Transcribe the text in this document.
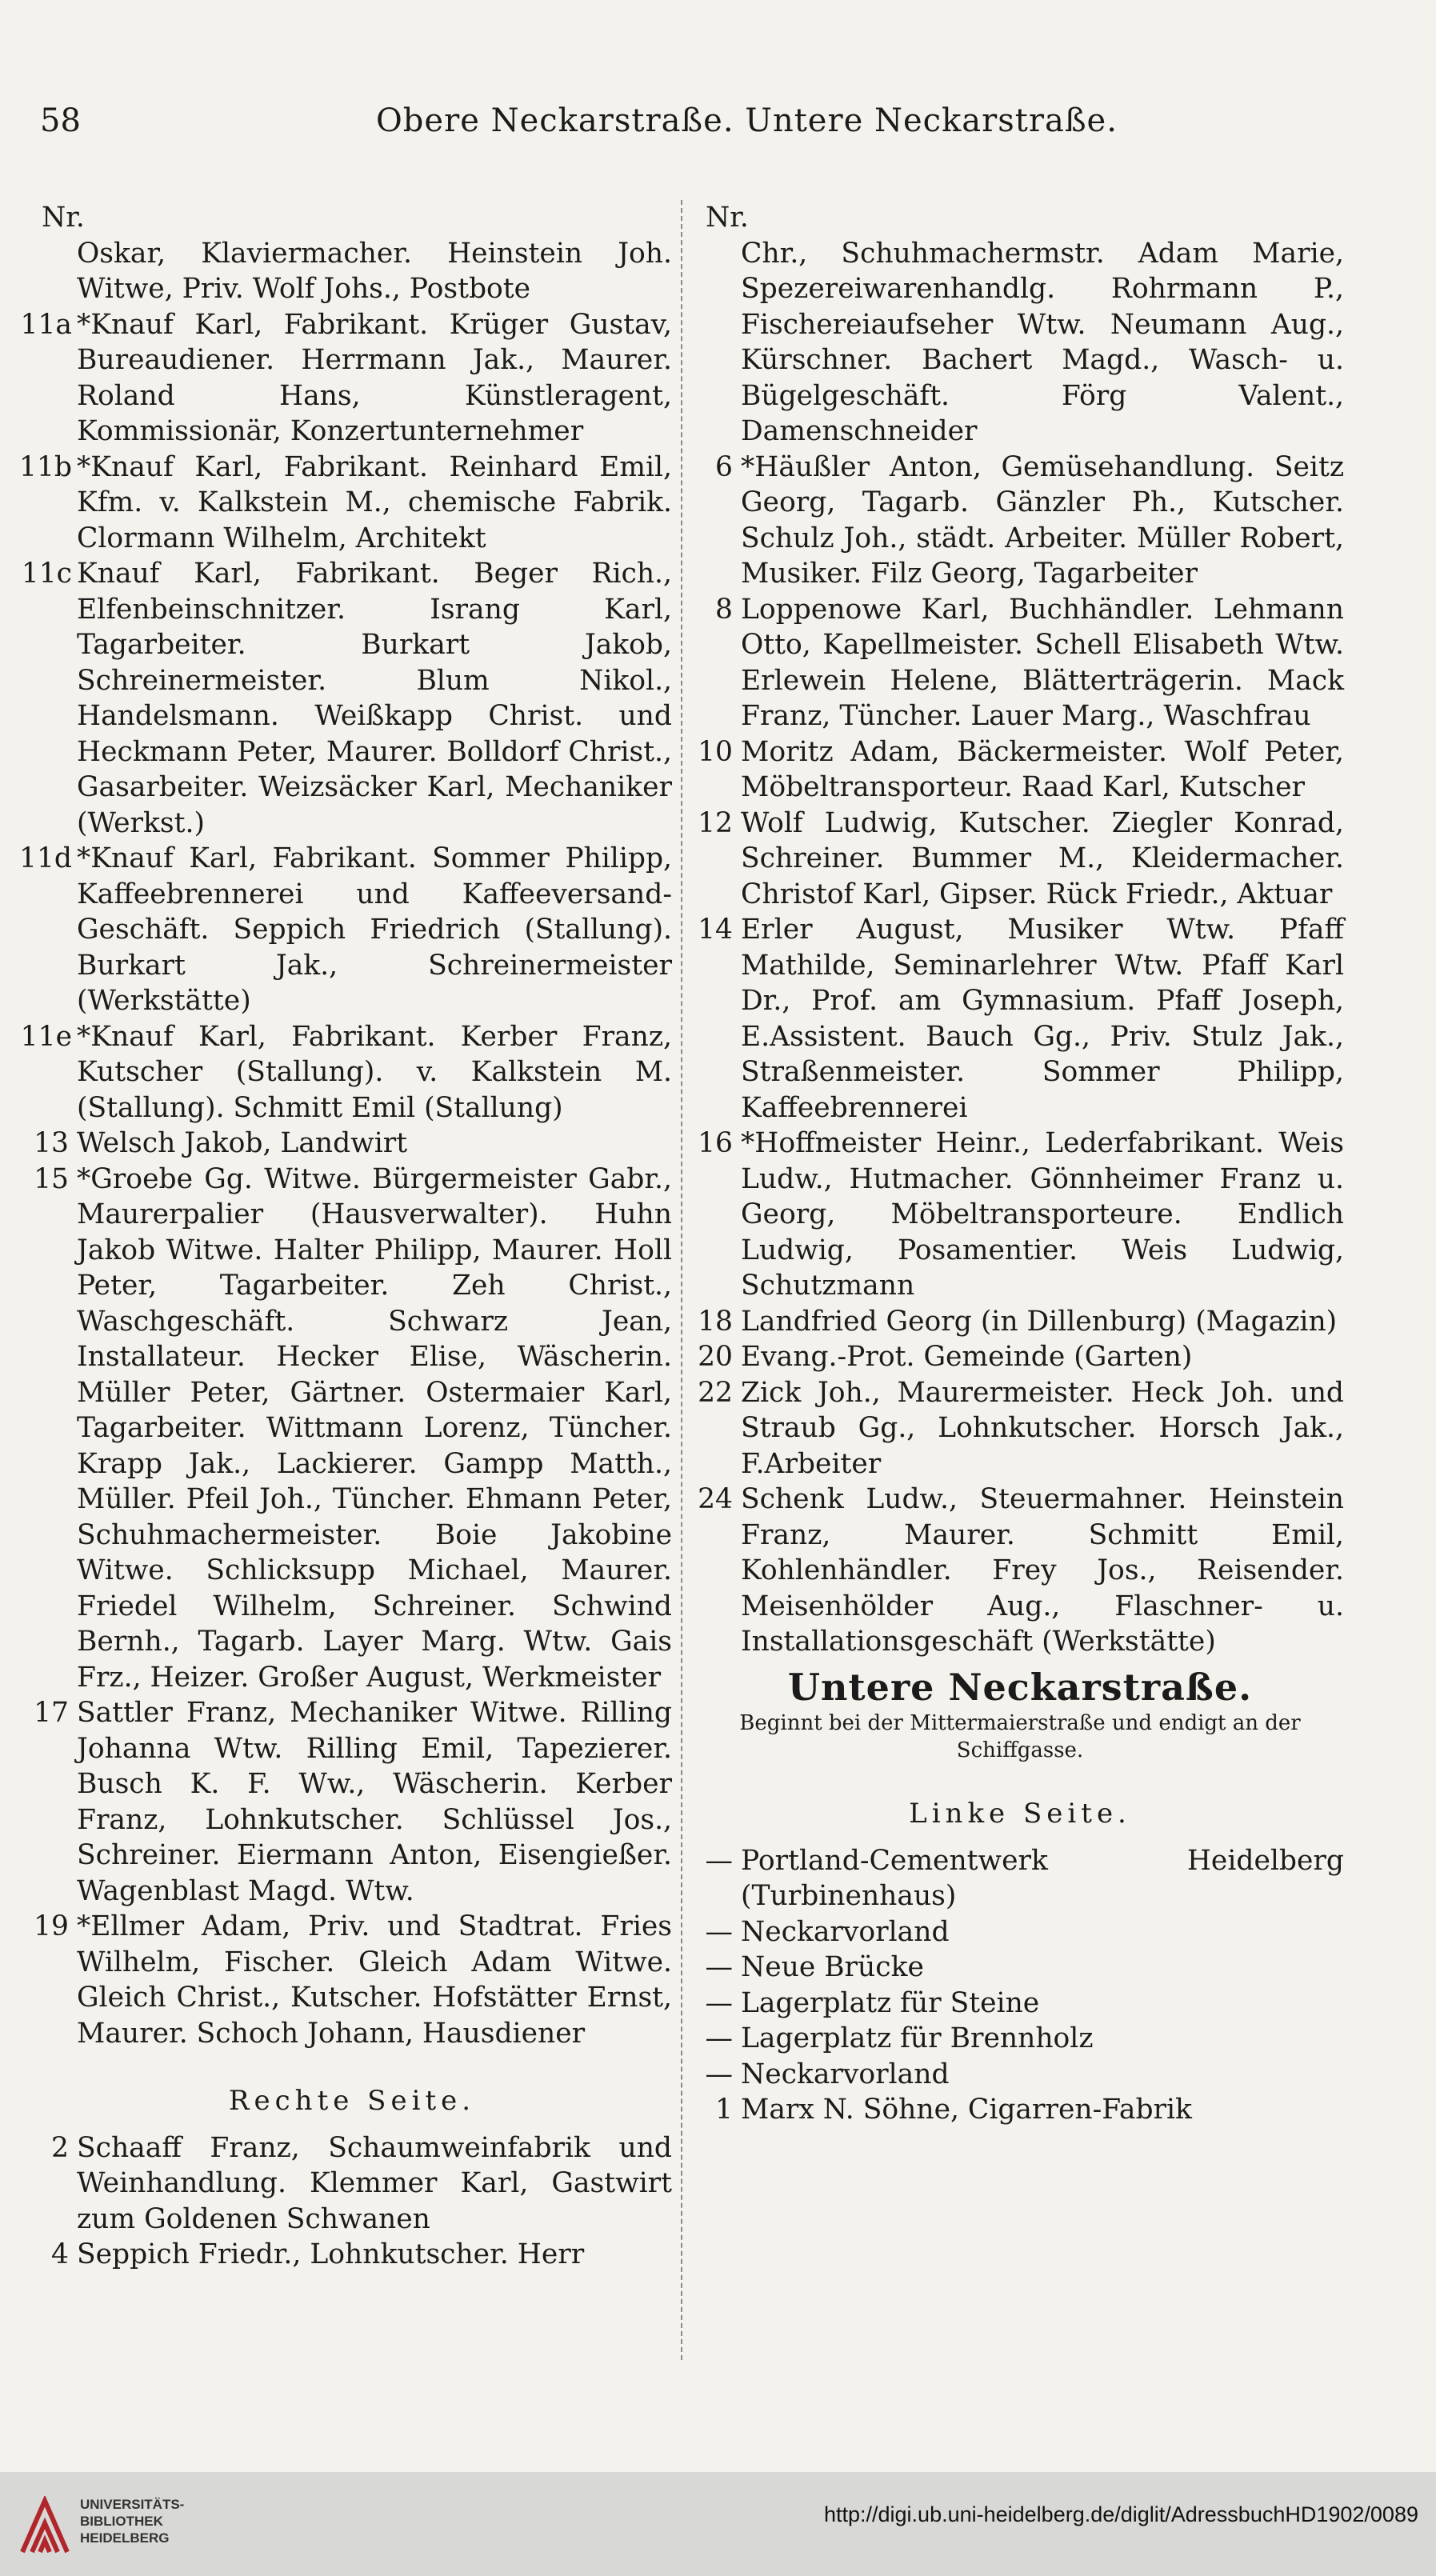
58	Obere Neckarstraße. Untere Neckarstraße.
Nr.
Oskar, Klaviermacher. Heinstein Joh. Witwe, Priv. Wolf Johs., Postbote
11a *Knauf Karl, Fabrikant. Krüger Gustav, Bureaudiener. Herrmann Jak., Maurer. Roland Hans, Künstleragent, Kommissionär, Konzertunternehmer
11b *Knauf Karl, Fabrikant. Reinhard Emil, Kfm. v. Kalkstein M., chemische Fabrik. Clormann Wilhelm, Architekt
11c Knauf Karl, Fabrikant. Beger Rich., Elfenbeinschnitzer. Israng Karl, Tagarbeiter. Burkart Jakob, Schreinermeister. Blum Nikol., Handelsmann. Weißkapp Christ. und Heckmann Peter, Maurer. Bolldorf Christ., Gasarbeiter. Weizsäcker Karl, Mechaniker (Werkst.)
11d *Knauf Karl, Fabrikant. Sommer Philipp, Kaffeebrennerei und Kaffeeversand-Geschäft. Seppich Friedrich (Stallung). Burkart Jak., Schreinermeister (Werkstätte)
11e *Knauf Karl, Fabrikant. Kerber Franz, Kutscher (Stallung). v. Kalkstein M. (Stallung). Schmitt Emil (Stallung)
13 Welsch Jakob, Landwirt
15 *Groebe Gg. Witwe. Bürgermeister Gabr., Maurerpalier (Hausverwalter). Huhn Jakob Witwe. Halter Philipp, Maurer. Holl Peter, Tagarbeiter. Zeh Christ., Waschgeschäft. Schwarz Jean, Installateur. Hecker Elise, Wäscherin. Müller Peter, Gärtner. Ostermaier Karl, Tagarbeiter. Wittmann Lorenz, Tüncher. Krapp Jak., Lackierer. Gampp Matth., Müller. Pfeil Joh., Tüncher. Ehmann Peter, Schuhmachermeister. Boie Jakobine Witwe. Schlicksupp Michael, Maurer. Friedel Wilhelm, Schreiner. Schwind Bernh., Tagarb. Layer Marg. Wtw. Gais Frz., Heizer. Großer August, Werkmeister
17 Sattler Franz, Mechaniker Witwe. Rilling Johanna Wtw. Rilling Emil, Tapezierer. Busch K. F. Ww., Wäscherin. Kerber Franz, Lohnkutscher. Schlüssel Jos., Schreiner. Eiermann Anton, Eisengießer. Wagenblast Magd. Wtw.
19 *Ellmer Adam, Priv. und Stadtrat. Fries Wilhelm, Fischer. Gleich Adam Witwe. Gleich Christ., Kutscher. Hofstätter Ernst, Maurer. Schoch Johann, Hausdiener
Rechte Seite.
2 Schaaff Franz, Schaumweinfabrik und Weinhandlung. Klemmer Karl, Gastwirt zum Goldenen Schwanen
4 Seppich Friedr., Lohnkutscher. Herr
Nr.
Chr., Schuhmachermstr. Adam Marie, Spezereiwarenhandlg. Rohrmann P., Fischereiaufseher Wtw. Neumann Aug., Kürschner. Bachert Magd., Wasch- u. Bügelgeschäft. Förg Valent., Damenschneider
6 *Häußler Anton, Gemüsehandlung. Seitz Georg, Tagarb. Gänzler Ph., Kutscher. Schulz Joh., städt. Arbeiter. Müller Robert, Musiker. Filz Georg, Tagarbeiter
8 Loppenowe Karl, Buchhändler. Lehmann Otto, Kapellmeister. Schell Elisabeth Wtw. Erlewein Helene, Blätterträgerin. Mack Franz, Tüncher. Lauer Marg., Waschfrau
10 Moritz Adam, Bäckermeister. Wolf Peter, Möbeltransporteur. Raad Karl, Kutscher
12 Wolf Ludwig, Kutscher. Ziegler Konrad, Schreiner. Bummer M., Kleidermacher. Christof Karl, Gipser. Rück Friedr., Aktuar
14 Erler August, Musiker Wtw. Pfaff Mathilde, Seminarlehrer Wtw. Pfaff Karl Dr., Prof. am Gymnasium. Pfaff Joseph, E.Assistent. Bauch Gg., Priv. Stulz Jak., Straßenmeister. Sommer Philipp, Kaffeebrennerei
16 *Hoffmeister Heinr., Lederfabrikant. Weis Ludw., Hutmacher. Gönnheimer Franz u. Georg, Möbeltransporteure. Endlich Ludwig, Posamentier. Weis Ludwig, Schutzmann
18 Landfried Georg (in Dillenburg) (Magazin)
20 Evang.-Prot. Gemeinde (Garten)
22 Zick Joh., Maurermeister. Heck Joh. und Straub Gg., Lohnkutscher. Horsch Jak., F.Arbeiter
24 Schenk Ludw., Steuermahner. Heinstein Franz, Maurer. Schmitt Emil, Kohlenhändler. Frey Jos., Reisender. Meisenhölder Aug., Flaschner- u. Installationsgeschäft (Werkstätte)
Untere Neckarstraße.
Beginnt bei der Mittermaierstraße und endigt an der Schiffgasse.
Linke Seite.
— Portland-Cementwerk Heidelberg (Turbinenhaus)
— Neckarvorland
— Neue Brücke
— Lagerplatz für Steine
— Lagerplatz für Brennholz
— Neckarvorland
1 Marx N. Söhne, Cigarren-Fabrik
UNIVERSITÄTS-
BIBLIOTHEK
HEIDELBERG
http://digi.ub.uni-heidelberg.de/diglit/AdressbuchHD1902/0089
